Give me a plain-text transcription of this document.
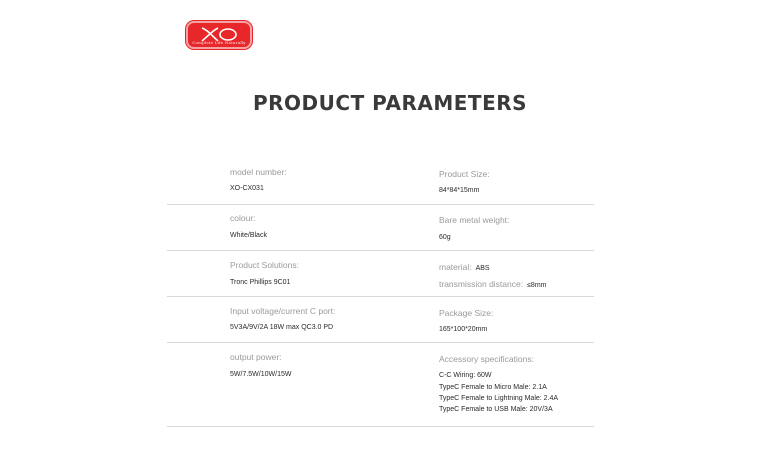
Complete Life Naturally
PRODUCT PARAMETERS
model number:
XO-CX031
Product Size:
84*84*15mm
colour:
White/Black
Bare metal weight:
60g
Product Solutions:
Tronc Phillips 9C01
material: ABS
transmission distance: ≤8mm
Input voltage/current C port:
5V3A/9V/2A 18W max QC3.0 PD
Package Size:
165*100*20mm
output power:
5W/7.5W/10W/15W
Accessory specifications:
C-C Wiring: 60W
TypeC Female to Micro Male: 2.1A
TypeC Female to Lightning Male: 2.4A
TypeC Female to USB Male: 20V/3A
